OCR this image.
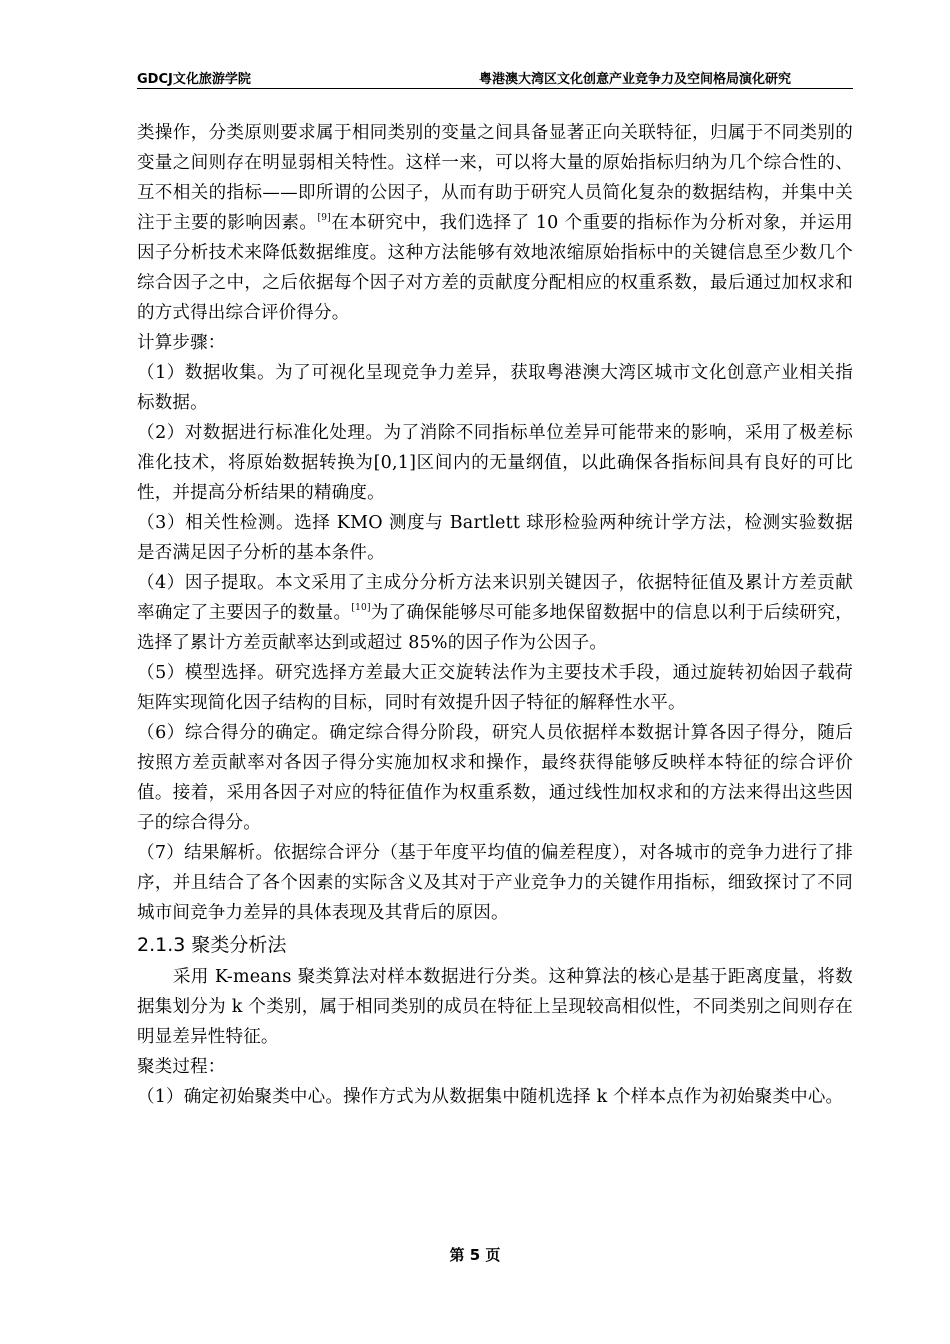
GDCJ文化旅游学院	粤港澳大湾区文化创意产业竞争力及空间格局演化研究

类操作，分类原则要求属于相同类别的变量之间具备显著正向关联特征，归属于不同类别的变量之间则存在明显弱相关特性。这样一来，可以将大量的原始指标归纳为几个综合性的、互不相关的指标——即所谓的公因子，从而有助于研究人员简化复杂的数据结构，并集中关注于主要的影响因素。[9]在本研究中，我们选择了 10 个重要的指标作为分析对象，并运用因子分析技术来降低数据维度。这种方法能够有效地浓缩原始指标中的关键信息至少数几个综合因子之中，之后依据每个因子对方差的贡献度分配相应的权重系数，最后通过加权求和的方式得出综合评价得分。

计算步骤：

（1）数据收集。为了可视化呈现竞争力差异，获取粤港澳大湾区城市文化创意产业相关指标数据。

（2）对数据进行标准化处理。为了消除不同指标单位差异可能带来的影响，采用了极差标准化技术，将原始数据转换为[0,1]区间内的无量纲值，以此确保各指标间具有良好的可比性，并提高分析结果的精确度。

（3）相关性检测。选择 KMO 测度与 Bartlett 球形检验两种统计学方法，检测实验数据是否满足因子分析的基本条件。

（4）因子提取。本文采用了主成分分析方法来识别关键因子，依据特征值及累计方差贡献率确定了主要因子的数量。[10]为了确保能够尽可能多地保留数据中的信息以利于后续研究，选择了累计方差贡献率达到或超过 85%的因子作为公因子。

（5）模型选择。研究选择方差最大正交旋转法作为主要技术手段，通过旋转初始因子载荷矩阵实现简化因子结构的目标，同时有效提升因子特征的解释性水平。

（6）综合得分的确定。确定综合得分阶段，研究人员依据样本数据计算各因子得分，随后按照方差贡献率对各因子得分实施加权求和操作，最终获得能够反映样本特征的综合评价值。接着，采用各因子对应的特征值作为权重系数，通过线性加权求和的方法来得出这些因子的综合得分。

（7）结果解析。依据综合评分（基于年度平均值的偏差程度），对各城市的竞争力进行了排序，并且结合了各个因素的实际含义及其对于产业竞争力的关键作用指标，细致探讨了不同城市间竞争力差异的具体表现及其背后的原因。

2.1.3 聚类分析法

采用 K-means 聚类算法对样本数据进行分类。这种算法的核心是基于距离度量，将数据集划分为 k 个类别，属于相同类别的成员在特征上呈现较高相似性，不同类别之间则存在明显差异性特征。

聚类过程：

（1）确定初始聚类中心。操作方式为从数据集中随机选择 k 个样本点作为初始聚类中心。

第 5 页
